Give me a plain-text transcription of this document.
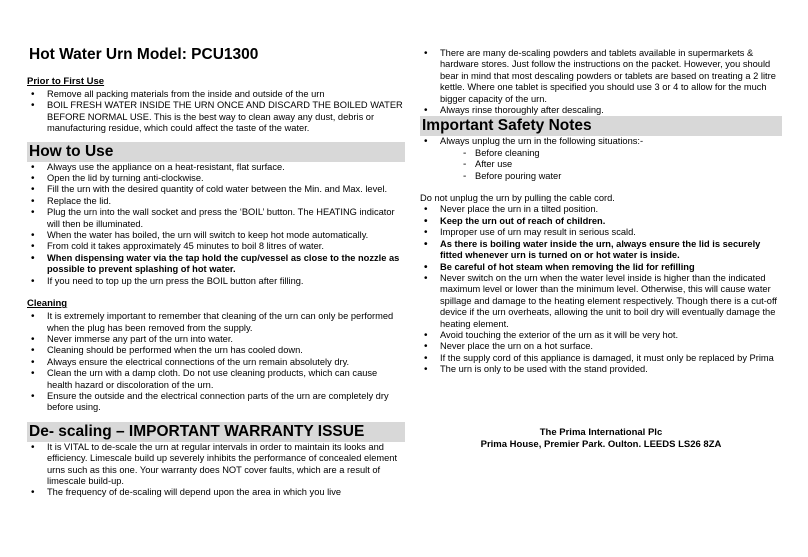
Hot Water Urn Model: PCU1300
Prior to First Use
• Remove all packing materials from the inside and outside of the urn
• BOIL FRESH WATER INSIDE THE URN ONCE AND DISCARD THE BOILED WATER BEFORE NORMAL USE. This is the best way to clean away any dust, debris or manufacturing residue, which could affect the taste of the water.
How to Use
• Always use the appliance on a heat-resistant, flat surface.
• Open the lid by turning anti-clockwise.
• Fill the urn with the desired quantity of cold water between the Min. and Max. level.
• Replace the lid.
• Plug the urn into the wall socket and press the ‘BOIL’ button. The HEATING indicator will then be illuminated.
• When the water has boiled, the urn will switch to keep hot mode automatically.
• From cold it takes approximately 45 minutes to boil 8 litres of water.
• When dispensing water via the tap hold the cup/vessel as close to the nozzle as possible to prevent splashing of hot water.
• If you need to top up the urn press the BOIL button after filling.
Cleaning
• It is extremely important to remember that cleaning of the urn can only be performed when the plug has been removed from the supply.
• Never immerse any part of the urn into water.
• Cleaning should be performed when the urn has cooled down.
• Always ensure the electrical connections of the urn remain absolutely dry.
• Clean the urn with a damp cloth. Do not use cleaning products, which can cause health hazard or discoloration of the urn.
• Ensure the outside and the electrical connection parts of the urn are completely dry before using.
De- scaling – IMPORTANT WARRANTY ISSUE
• It is VITAL to de-scale the urn at regular intervals in order to maintain its looks and efficiency. Limescale build up severely inhibits the performance of concealed element urns such as this one. Your warranty does NOT cover faults, which are a result of limescale build-up.
• The frequency of de-scaling will depend upon the area in which you live
• There are many de-scaling powders and tablets available in supermarkets & hardware stores. Just follow the instructions on the packet. However, you should bear in mind that most descaling powders or tablets are based on treating a 2 litre kettle. Where one tablet is specified you should use 3 or 4 to allow for the much bigger capacity of the urn.
• Always rinse thoroughly after descaling.
Important Safety Notes
• Always unplug the urn in the following situations:-
- Before cleaning
- After use
- Before pouring water

Do not unplug the urn by pulling the cable cord.

• Never place the urn in a tilted position.
• Keep the urn out of reach of children.
• Improper use of urn may result in serious scald.
• As there is boiling water inside the urn, always ensure the lid is securely fitted whenever urn is turned on or hot water is inside.
• Be careful of hot steam when removing the lid for refilling
• Never switch on the urn when the water level inside is higher than the indicated maximum level or lower than the minimum level. Otherwise, this will cause water spillage and damage to the heating element respectively. Though there is a cut-off device if the urn overheats, allowing the unit to boil dry will eventually damage the heating element.
• Avoid touching the exterior of the urn as it will be very hot.
• Never place the urn on a hot surface.
• If the supply cord of this appliance is damaged, it must only be replaced by Prima
• The urn is only to be used with the stand provided.
The Prima International Plc
Prima House, Premier Park. Oulton. LEEDS LS26 8ZA
